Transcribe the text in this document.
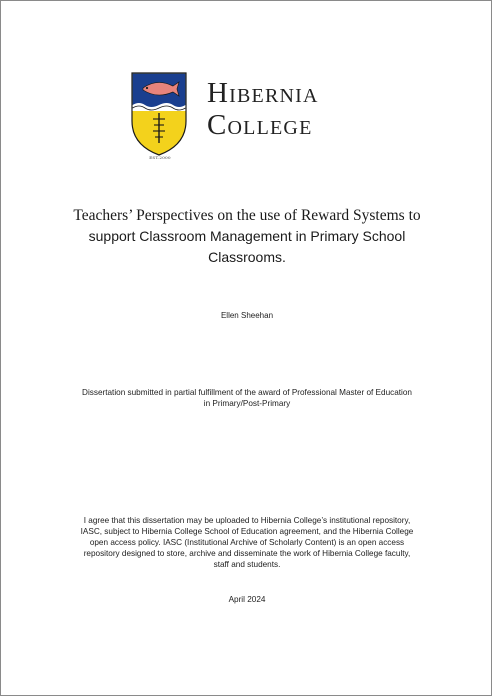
EST.2000
Hibernia
College
Teachers’ Perspectives on the use of Reward Systems to
support Classroom Management in Primary School
Classrooms.
Ellen Sheehan
Dissertation submitted in partial fulfillment of the award of Professional Master of Education
in Primary/Post-Primary
I agree that this dissertation may be uploaded to Hibernia College’s institutional repository,
IASC, subject to Hibernia College School of Education agreement, and the Hibernia College
open access policy. IASC (Institutional Archive of Scholarly Content) is an open access
repository designed to store, archive and disseminate the work of Hibernia College faculty,
staff and students.
April 2024
